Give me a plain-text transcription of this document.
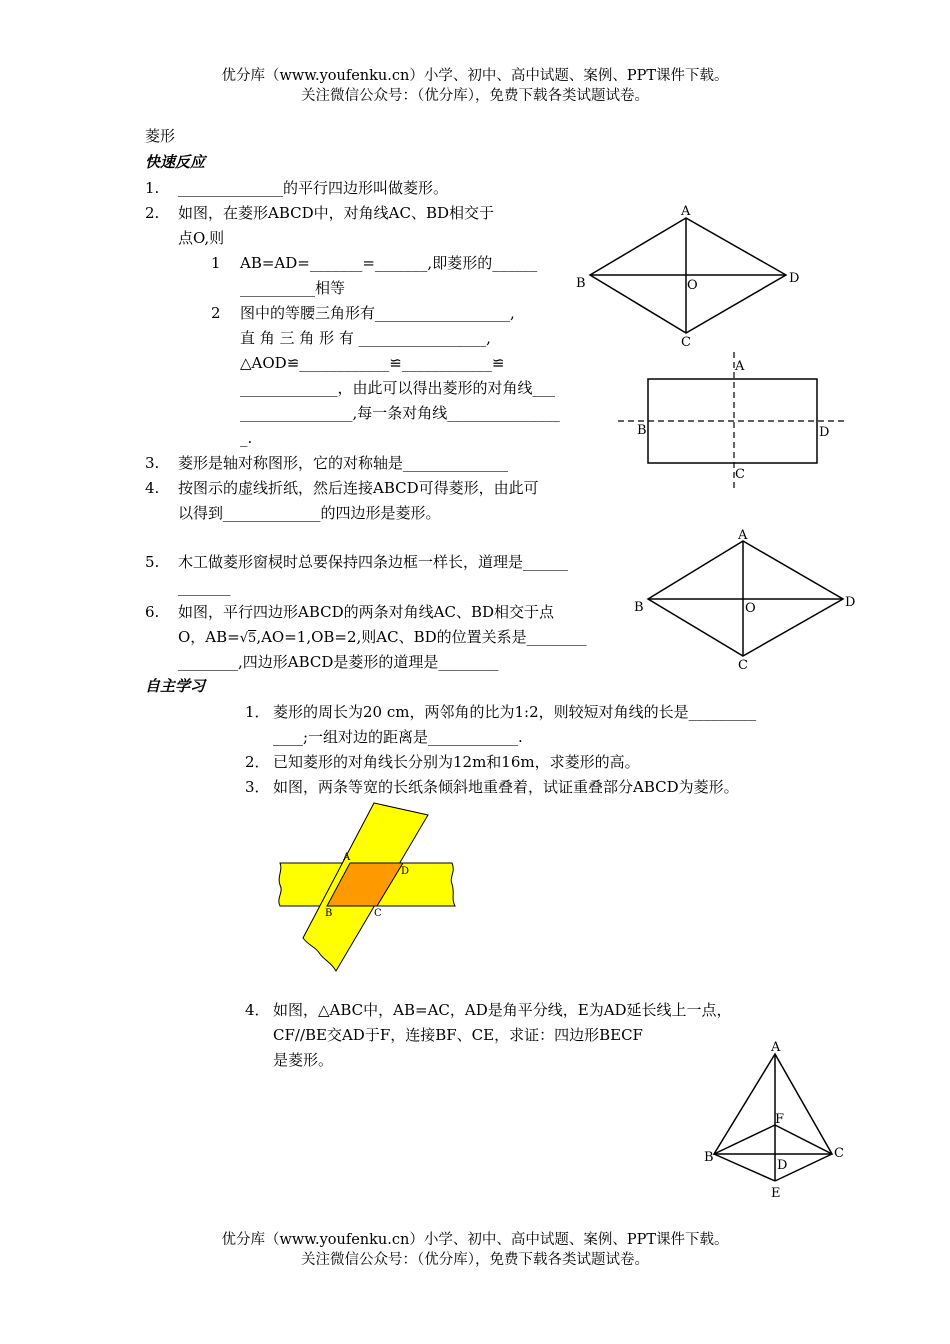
优分库（www.youfenku.cn）小学、初中、高中试题、案例、PPT课件下载。
关注微信公众号：（优分库），免费下载各类试题试卷。
菱形
快速反应
1. ______________的平行四边形叫做菱形。
2. 如图，在菱形ABCD中，对角线AC、BD相交于
点O,则
1 AB=AD=_______=_______,即菱形的______
__________相等
2 图中的等腰三角形有__________________,
直 角 三 角 形 有 _________________,
△AOD≌____________≌____________≌
_____________，由此可以得出菱形的对角线___
_______________,每一条对角线_______________
_.
3. 菱形是轴对称图形，它的对称轴是______________
4. 按图示的虚线折纸，然后连接ABCD可得菱形，由此可
以得到_____________的四边形是菱形。
5. 木工做菱形窗棂时总要保持四条边框一样长，道理是______
_______
6. 如图，平行四边形ABCD的两条对角线AC、BD相交于点
O，AB=√5,AO=1,OB=2,则AC、BD的位置关系是________
________,四边形ABCD是菱形的道理是________
自主学习
1． 菱形的周长为20 cm，两邻角的比为1:2，则较短对角线的长是_________
____;一组对边的距离是____________.
2． 已知菱形的对角线长分别为12m和16m，求菱形的高。
3． 如图，两条等宽的长纸条倾斜地重叠着，试证重叠部分ABCD为菱形。
4． 如图，△ABC中，AB=AC，AD是角平分线，E为AD延长线上一点，
CF//BE交AD于F，连接BF、CE，求证：四边形BECF
是菱形。
优分库（www.youfenku.cn）小学、初中、高中试题、案例、PPT课件下载。
关注微信公众号：（优分库），免费下载各类试题试卷。
A
B
C
D
O
A
B
C
D
A
B
C
D
O
A
D
B	C
A
F
B	C
D
E
